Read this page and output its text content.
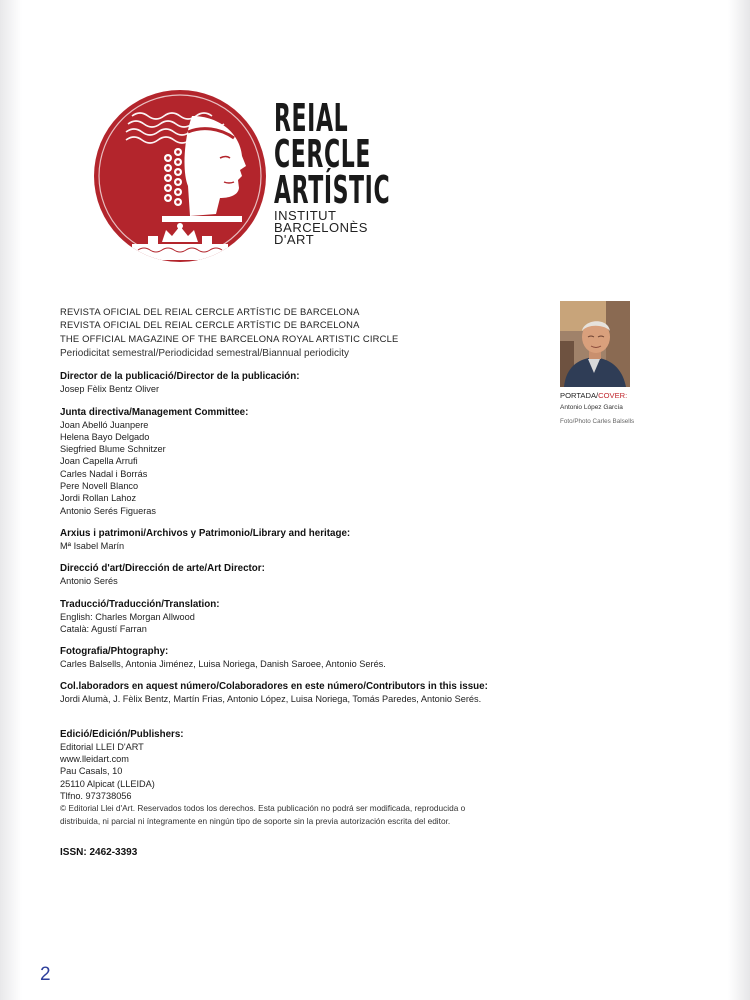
REIAL
CERCLE
ARTÍSTIC
INSTITUT
BARCELONÈS
D'ART
REVISTA OFICIAL DEL REIAL CERCLE ARTÍSTIC DE BARCELONA
REVISTA OFICIAL DEL REIAL CERCLE ARTÍSTIC DE BARCELONA
THE OFFICIAL MAGAZINE OF THE BARCELONA ROYAL ARTISTIC CIRCLE
Periodicitat semestral/Periodicidad semestral/Biannual periodicity
Director de la publicació/Director de la publicación:
Josep Fèlix Bentz Oliver
Junta directiva/Management Committee:
Joan Abelló Juanpere
Helena Bayo Delgado
Siegfried Blume Schnitzer
Joan Capella Arrufi
Carles Nadal i Borrás
Pere Novell Blanco
Jordi Rollan Lahoz
Antonio Serés Figueras
Arxius i patrimoni/Archivos y Patrimonio/Library and heritage:
Mª Isabel Marín
Direcció d'art/Dirección de arte/Art Director:
Antonio Serés
Traducció/Traducción/Translation:
English: Charles Morgan Allwood
Català: Agustí Farran
Fotografia/Phtography:
Carles Balsells, Antonia Jiménez, Luisa Noriega, Danish Saroee, Antonio Serés.
Col.laboradors en aquest número/Colaboradores en este número/Contributors in this issue:
Jordi Alumà, J. Fèlix Bentz, Martín Frias, Antonio López, Luisa Noriega, Tomás Paredes, Antonio Serés.
Edició/Edición/Publishers:
Editorial LLEI D'ART
www.lleidart.com
Pau Casals, 10
25110 Alpicat (LLEIDA)
Tlfno. 973738056
© Editorial Llei d'Art. Reservados todos los derechos. Esta publicación no podrá ser modificada, reproducida o
distribuida, ni parcial ni íntegramente en ningún tipo de soporte sin la previa autorización escrita del editor.
ISSN: 2462-3393
PORTADA/COVER:
Antonio López García
Foto/Photo Carles Balsells
2
